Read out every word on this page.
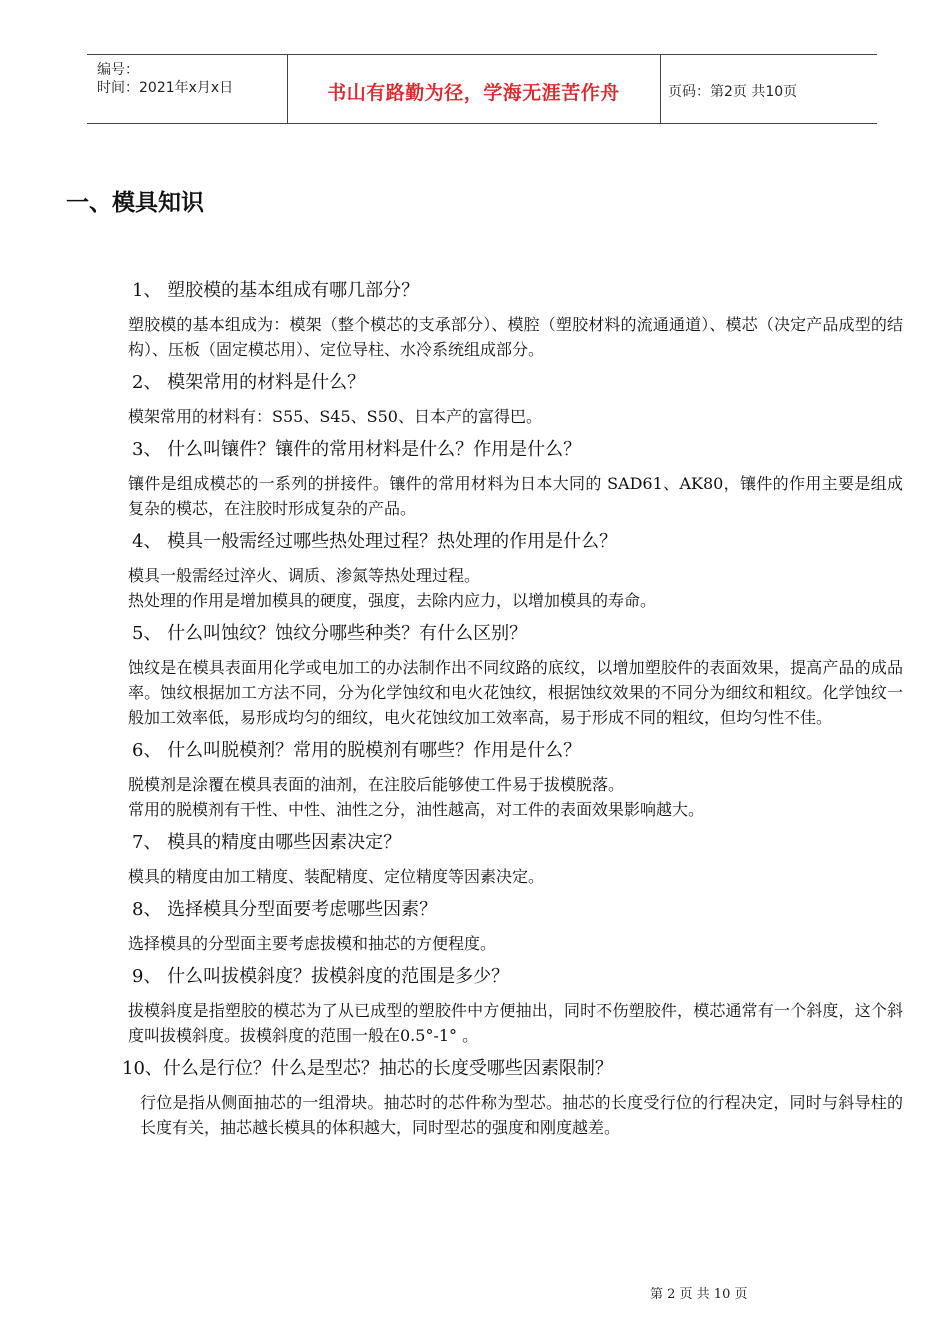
编号：
时间：2021年x月x日	书山有路勤为径，学海无涯苦作舟	页码：第2页 共10页
一、模具知识
1、 塑胶模的基本组成有哪几部分？

塑胶模的基本组成为：模架（整个模芯的支承部分）、模腔（塑胶材料的流通通道）、模芯（决定产品成型的结构）、压板（固定模芯用）、定位导柱、水冷系统组成部分。

2、 模架常用的材料是什么？

模架常用的材料有：S55、S45、S50、日本产的富得巴。

3、 什么叫镶件？镶件的常用材料是什么？作用是什么？

镶件是组成模芯的一系列的拼接件。镶件的常用材料为日本大同的 SAD61、AK80，镶件的作用主要是组成复杂的模芯，在注胶时形成复杂的产品。

4、 模具一般需经过哪些热处理过程？热处理的作用是什么？

模具一般需经过淬火、调质、渗氮等热处理过程。

热处理的作用是增加模具的硬度，强度，去除内应力，以增加模具的寿命。

5、 什么叫蚀纹？蚀纹分哪些种类？有什么区别？

蚀纹是在模具表面用化学或电加工的办法制作出不同纹路的底纹，以增加塑胶件的表面效果，提高产品的成品率。蚀纹根据加工方法不同，分为化学蚀纹和电火花蚀纹，根据蚀纹效果的不同分为细纹和粗纹。化学蚀纹一般加工效率低，易形成均匀的细纹，电火花蚀纹加工效率高，易于形成不同的粗纹，但均匀性不佳。

6、 什么叫脱模剂？常用的脱模剂有哪些？作用是什么？

脱模剂是涂覆在模具表面的油剂，在注胶后能够使工件易于拔模脱落。

常用的脱模剂有干性、中性、油性之分，油性越高，对工件的表面效果影响越大。

7、 模具的精度由哪些因素决定？

模具的精度由加工精度、装配精度、定位精度等因素决定。

8、 选择模具分型面要考虑哪些因素？

选择模具的分型面主要考虑拔模和抽芯的方便程度。

9、 什么叫拔模斜度？拔模斜度的范围是多少？

拔模斜度是指塑胶的模芯为了从已成型的塑胶件中方便抽出，同时不伤塑胶件，模芯通常有一个斜度，这个斜度叫拔模斜度。拔模斜度的范围一般在0.5°-1° 。

10、什么是行位？什么是型芯？抽芯的长度受哪些因素限制？

行位是指从侧面抽芯的一组滑块。抽芯时的芯件称为型芯。抽芯的长度受行位的行程决定，同时与斜导柱的长度有关，抽芯越长模具的体积越大，同时型芯的强度和刚度越差。

第 2 页 共 10 页
